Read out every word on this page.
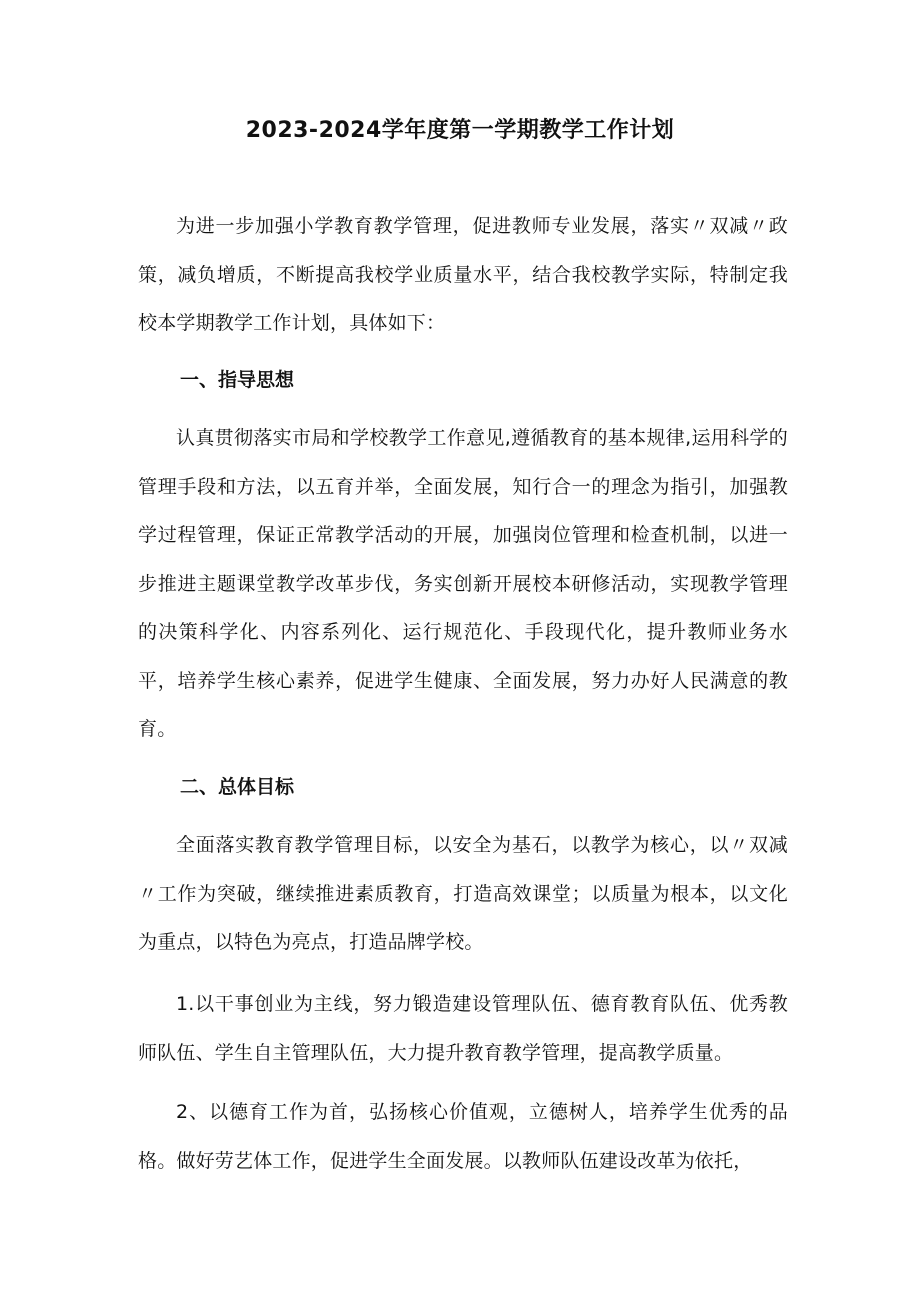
2023-2024学年度第一学期教学工作计划
为进一步加强小学教育教学管理，促进教师专业发展，落实〃双减〃政策，减负增质，不断提高我校学业质量水平，结合我校教学实际，特制定我校本学期教学工作计划，具体如下：
一、指导思想
认真贯彻落实市局和学校教学工作意见,遵循教育的基本规律,运用科学的管理手段和方法，以五育并举，全面发展，知行合一的理念为指引，加强教学过程管理，保证正常教学活动的开展，加强岗位管理和检查机制，以进一步推进主题课堂教学改革步伐，务实创新开展校本研修活动，实现教学管理的决策科学化、内容系列化、运行规范化、手段现代化，提升教师业务水平，培养学生核心素养，促进学生健康、全面发展，努力办好人民满意的教育。
二、总体目标
全面落实教育教学管理目标，以安全为基石，以教学为核心，以〃双减〃工作为突破，继续推进素质教育，打造高效课堂；以质量为根本，以文化为重点，以特色为亮点，打造品牌学校。
1.以干事创业为主线，努力锻造建设管理队伍、德育教育队伍、优秀教师队伍、学生自主管理队伍，大力提升教育教学管理，提高教学质量。
2、以德育工作为首，弘扬核心价值观，立德树人，培养学生优秀的品格。做好劳艺体工作，促进学生全面发展。以教师队伍建设改革为依托，
